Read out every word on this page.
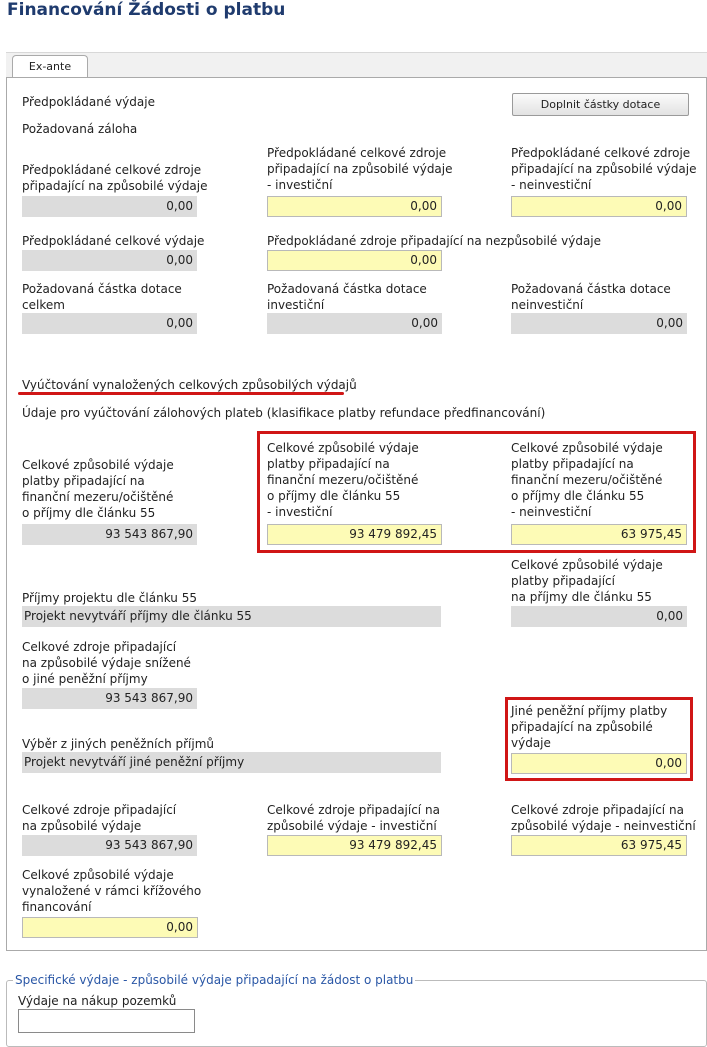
Financování Žádosti o platbu
Ex-ante
Předpokládané výdaje	Doplnit částky dotace
Požadovaná záloha
Předpokládané celkové zdroje
připadající na způsobilé výdaje
0,00
Předpokládané celkové zdroje
připadající na způsobilé výdaje
- investiční
0,00
Předpokládané celkové zdroje
připadající na způsobilé výdaje
- neinvestiční
0,00
Předpokládané celkové výdaje
0,00
Předpokládané zdroje připadající na nezpůsobilé výdaje
0,00
Požadovaná částka dotace
celkem
0,00
Požadovaná částka dotace
investiční
0,00
Požadovaná částka dotace
neinvestiční
0,00
Vyúčtování vynaložených celkových způsobilých výdajů
Údaje pro vyúčtování zálohových plateb (klasifikace platby refundace předfinancování)
Celkové způsobilé výdaje
platby připadající na
finanční mezeru/očištěné
o příjmy dle článku 55
93 543 867,90
Celkové způsobilé výdaje
platby připadající na
finanční mezeru/očištěné
o příjmy dle článku 55
- investiční
93 479 892,45
Celkové způsobilé výdaje
platby připadající na
finanční mezeru/očištěné
o příjmy dle článku 55
- neinvestiční
63 975,45
Příjmy projektu dle článku 55
Projekt nevytváří příjmy dle článku 55
Celkové způsobilé výdaje
platby připadající
na příjmy dle článku 55
0,00
Celkové zdroje připadající
na způsobilé výdaje snížené
o jiné peněžní příjmy
93 543 867,90
Výběr z jiných peněžních příjmů
Projekt nevytváří jiné peněžní příjmy
Jiné peněžní příjmy platby
připadající na způsobilé
výdaje
0,00
Celkové zdroje připadající
na způsobilé výdaje
93 543 867,90
Celkové zdroje připadající na
způsobilé výdaje - investiční
93 479 892,45
Celkové zdroje připadající na
způsobilé výdaje - neinvestiční
63 975,45
Celkové způsobilé výdaje
vynaložené v rámci křížového
financování
0,00
Specifické výdaje - způsobilé výdaje připadající na žádost o platbu
Výdaje na nákup pozemků
